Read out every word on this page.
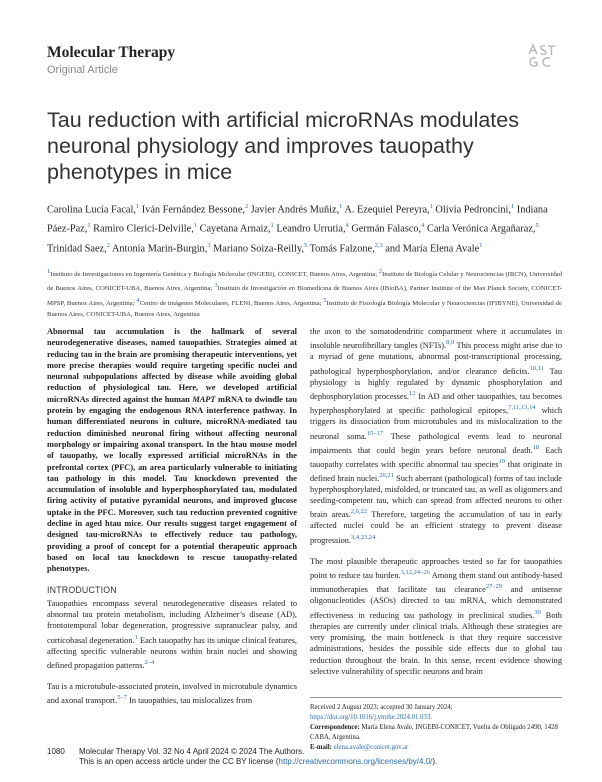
Molecular Therapy
Original Article
Tau reduction with artificial microRNAs modulates neuronal physiology and improves tauopathy phenotypes in mice
Carolina Lucía Facal,$^1$ Iván Fernández Bessone,$^2$ Javier Andrés Muñiz,$^1$ A. Ezequiel Pereyra,$^1$ Olivia Pedroncini,$^1$ Indiana Páez-Paz,$^1$ Ramiro Clerici-Delville,$^1$ Cayetana Arnaiz,$^1$ Leandro Urrutia,$^4$ Germán Falasco,$^4$ Carla Verónica Argañaraz,$^5$ Trinidad Saez,$^2$ Antonia Marin-Burgin,$^3$ Mariano Soiza-Reilly,$^5$ Tomás Falzone,$^{2,3}$ and María Elena Avale$^1$
$^1$Instituto de Investigaciones en Ingeniería Genética y Biología Molecular (INGEBI), CONICET, Buenos Aires, Argentina; $^2$Instituto de Biología Celular y Neurociencias (IBCN), Universidad de Buenos Aires, CONICET-UBA, Buenos Aires, Argentina; $^3$Instituto de Investigación en Biomedicina de Buenos Aires (IBioBA), Partner Institute of the Max Planck Society, CONICET-MPSP, Buenos Aires, Argentina; $^4$Centro de imágenes Moleculares, FLENI, Buenos Aires, Argentina; $^5$Instituto de Fisiología Biología Molecular y Neurociencias (IFIBYNE), Universidad de Buenos Aires, CONICET-UBA, Buenos Aires, Argentina

Abnormal tau accumulation is the hallmark of several neurodegenerative diseases, named tauopathies. Strategies aimed at reducing tau in the brain are promising therapeutic interventions, yet more precise therapies would require targeting specific nuclei and neuronal subpopulations affected by disease while avoiding global reduction of physiological tau. Here, we developed artificial microRNAs directed against the human MAPT mRNA to dwindle tau protein by engaging the endogenous RNA interference pathway. In human differentiated neurons in culture, microRNA-mediated tau reduction diminished neuronal firing without affecting neuronal morphology or impairing axonal transport. In the htau mouse model of tauopathy, we locally expressed artificial microRNAs in the prefrontal cortex (PFC), an area particularly vulnerable to initiating tau pathology in this model. Tau knockdown prevented the accumulation of insoluble and hyperphosphorylated tau, modulated firing activity of putative pyramidal neurons, and improved glucose uptake in the PFC. Moreover, such tau reduction prevented cognitive decline in aged htau mice. Our results suggest target engagement of designed tau-microRNAs to effectively reduce tau pathology, providing a proof of concept for a potential therapeutic approach based on local tau knockdown to rescue tauopathy-related phenotypes.

INTRODUCTION

Tauopathies encompass several neurodegenerative diseases related to abnormal tau protein metabolism, including Alzheimer’s disease (AD), frontotemporal lobar degeneration, progressive supranuclear palsy, and corticobasal degeneration.$^1$ Each tauopathy has its unique clinical features, affecting specific vulnerable neurons within brain nuclei and showing defined propagation patterns.$^{2-4}$

Tau is a microtubule-associated protein, involved in microtubule dynamics and axonal transport.$^{5-7}$ In tauopathies, tau mislocalizes from

the axon to the somatodendritic compartment where it accumulates in insoluble neurofibrillary tangles (NFTs).$^{8,9}$ This process might arise due to a myriad of gene mutations, abnormal post-transcriptional processing, pathological hyperphosphorylation, and/or clearance deficits.$^{10,11}$ Tau physiology is highly regulated by dynamic phosphorylation and dephosphorylation processes.$^{12}$ In AD and other tauopathies, tau becomes hyperphosphorylated at specific pathological epitopes,$^{7,11,13,14}$ which triggers its dissociation from microtubules and its mislocalization to the neuronal soma.$^{15-17}$ These pathological events lead to neuronal impairments that could begin years before neuronal death.$^{18}$ Each tauopathy correlates with specific abnormal tau species$^{19}$ that originate in defined brain nuclei.$^{20,21}$ Such aberrant (pathological) forms of tau include hyperphosphorylated, misfolded, or truncated tau, as well as oligomers and seeding-competent tau, which can spread from affected neurons to other brain areas.$^{2,6,22}$ Therefore, targeting the accumulation of tau in early affected nuclei could be an efficient strategy to prevent disease progression.$^{3,4,23,24}$

The most plausible therapeutic approaches tested so far for tauopathies point to reduce tau burden.$^{3,12,24-26}$ Among them stand out antibody-based immunotherapies that facilitate tau clearance$^{27-29}$ and antisense oligonucleotides (ASOs) directed to tau mRNA, which demonstrated effectiveness in reducing tau pathology in preclinical studies.$^{30}$ Both therapies are currently under clinical trials. Although these strategies are very promising, the main bottleneck is that they require successive administrations, besides the possible side effects due to global tau reduction throughout the brain. In this sense, recent evidence showing selective vulnerability of specific neurons and brain

Received 2 August 2023; accepted 30 January 2024;
https://doi.org/10.1016/j.ymthe.2024.01.033.
Correspondence: María Elena Avale, INGEBI-CONICET, Vuelta de Obligado 2490, 1428 CABA, Argentina.
E-mail: elena.avale@conicet.gov.ar
1080 Molecular Therapy Vol. 32 No 4 April 2024 © 2024 The Authors.
This is an open access article under the CC BY license (http://creativecommons.org/licenses/by/4.0/).
